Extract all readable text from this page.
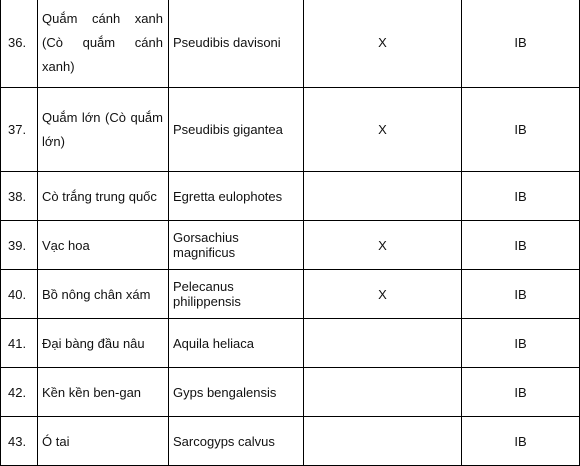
36.	Quắm cánh xanh (Cò quắm cánh xanh)	Pseudibis davisoni	X	IB
37.	Quắm lớn (Cò quắm lớn)	Pseudibis gigantea	X	IB
38.	Cò trắng trung quốc	Egretta eulophotes		IB
39.	Vạc hoa	Gorsachius magnificus	X	IB
40.	Bồ nông chân xám	Pelecanus philippensis	X	IB
41.	Đại bàng đầu nâu	Aquila heliaca		IB
42.	Kền kền ben-gan	Gyps bengalensis		IB
43.	Ó tai	Sarcogyps calvus		IB
